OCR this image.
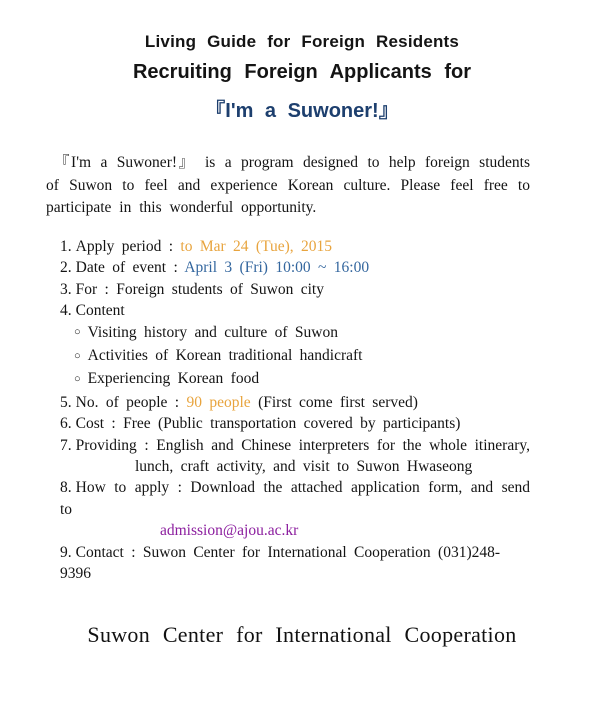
Living Guide for Foreign Residents
Recruiting Foreign Applicants for
『I'm a Suwoner!』

『I'm a Suwoner!』 is a program designed to help foreign students of Suwon to feel and experience Korean culture. Please feel free to participate in this wonderful opportunity.

1. Apply period : to Mar 24 (Tue), 2015
2. Date of event : April 3 (Fri) 10:00 ~ 16:00
3. For : Foreign students of Suwon city
4. Content
○ Visiting history and culture of Suwon
○ Activities of Korean traditional handicraft
○ Experiencing Korean food
5. No. of people : 90 people (First come first served)
6. Cost : Free (Public transportation covered by participants)
7. Providing : English and Chinese interpreters for the whole itinerary,
lunch, craft activity, and visit to Suwon Hwaseong
8. How to apply : Download the attached application form, and send to
admission@ajou.ac.kr
9. Contact : Suwon Center for International Cooperation (031)248-9396
Suwon Center for International Cooperation
